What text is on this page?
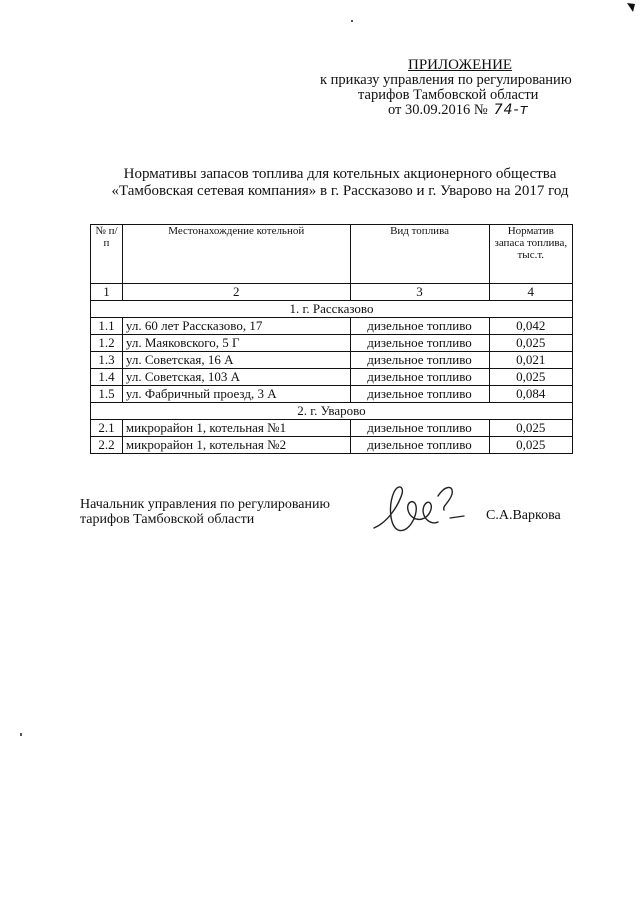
ПРИЛОЖЕНИЕ
к приказу управления по регулированию
тарифов Тамбовской области
от 30.09.2016 № 74-т
Нормативы запасов топлива для котельных акционерного общества
«Тамбовская сетевая компания» в г. Рассказово и г. Уварово на 2017 год
№ п/п	Местонахождение котельной	Вид топлива	Норматив запаса топлива, тыс.т.
1	2	3	4
1. г. Рассказово			
1.1	ул. 60 лет Рассказово, 17	дизельное топливо	0,042
1.2	ул. Маяковского, 5 Г	дизельное топливо	0,025
1.3	ул. Советская, 16 А	дизельное топливо	0,021
1.4	ул. Советская, 103 А	дизельное топливо	0,025
1.5	ул. Фабричный проезд, 3 А	дизельное топливо	0,084
2. г. Уварово			
2.1	микрорайон 1, котельная №1	дизельное топливо	0,025
2.2	микрорайон 1, котельная №2	дизельное топливо	0,025
Начальник управления по регулированию
тарифов Тамбовской области	С.А.Варкова
